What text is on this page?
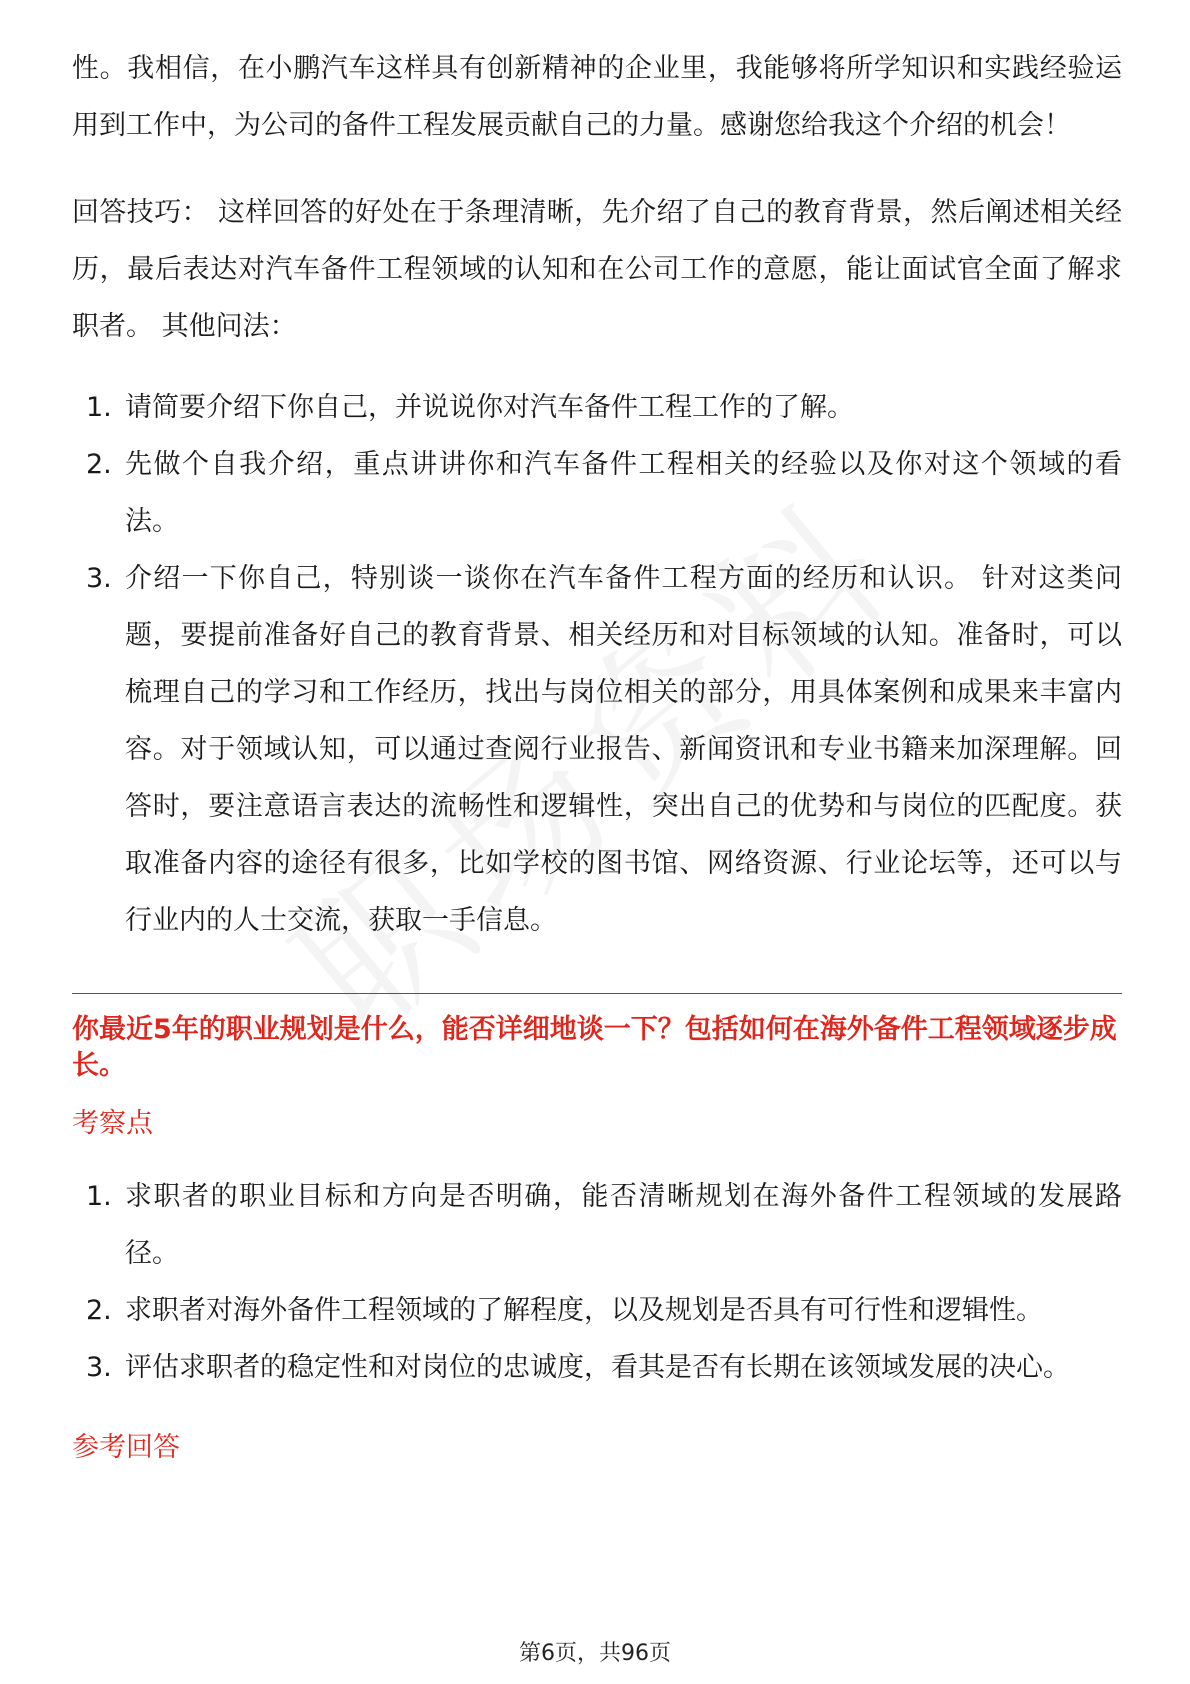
性。我相信，在小鹏汽车这样具有创新精神的企业里，我能够将所学知识和实践经验运用到工作中，为公司的备件工程发展贡献自己的力量。感谢您给我这个介绍的机会！

回答技巧： 这样回答的好处在于条理清晰，先介绍了自己的教育背景，然后阐述相关经历，最后表达对汽车备件工程领域的认知和在公司工作的意愿，能让面试官全面了解求职者。 其他问法：

1. 请简要介绍下你自己，并说说你对汽车备件工程工作的了解。
2. 先做个自我介绍，重点讲讲你和汽车备件工程相关的经验以及你对这个领域的看法。
3. 介绍一下你自己，特别谈一谈你在汽车备件工程方面的经历和认识。 针对这类问题，要提前准备好自己的教育背景、相关经历和对目标领域的认知。准备时，可以梳理自己的学习和工作经历，找出与岗位相关的部分，用具体案例和成果来丰富内容。对于领域认知，可以通过查阅行业报告、新闻资讯和专业书籍来加深理解。回答时，要注意语言表达的流畅性和逻辑性，突出自己的优势和与岗位的匹配度。获取准备内容的途径有很多，比如学校的图书馆、网络资源、行业论坛等，还可以与行业内的人士交流，获取一手信息。

你最近5年的职业规划是什么，能否详细地谈一下？包括如何在海外备件工程领域逐步成长。

考察点

1. 求职者的职业目标和方向是否明确，能否清晰规划在海外备件工程领域的发展路径。
2. 求职者对海外备件工程领域的了解程度，以及规划是否具有可行性和逻辑性。
3. 评估求职者的稳定性和对岗位的忠诚度，看其是否有长期在该领域发展的决心。

参考回答

第6页，共96页
